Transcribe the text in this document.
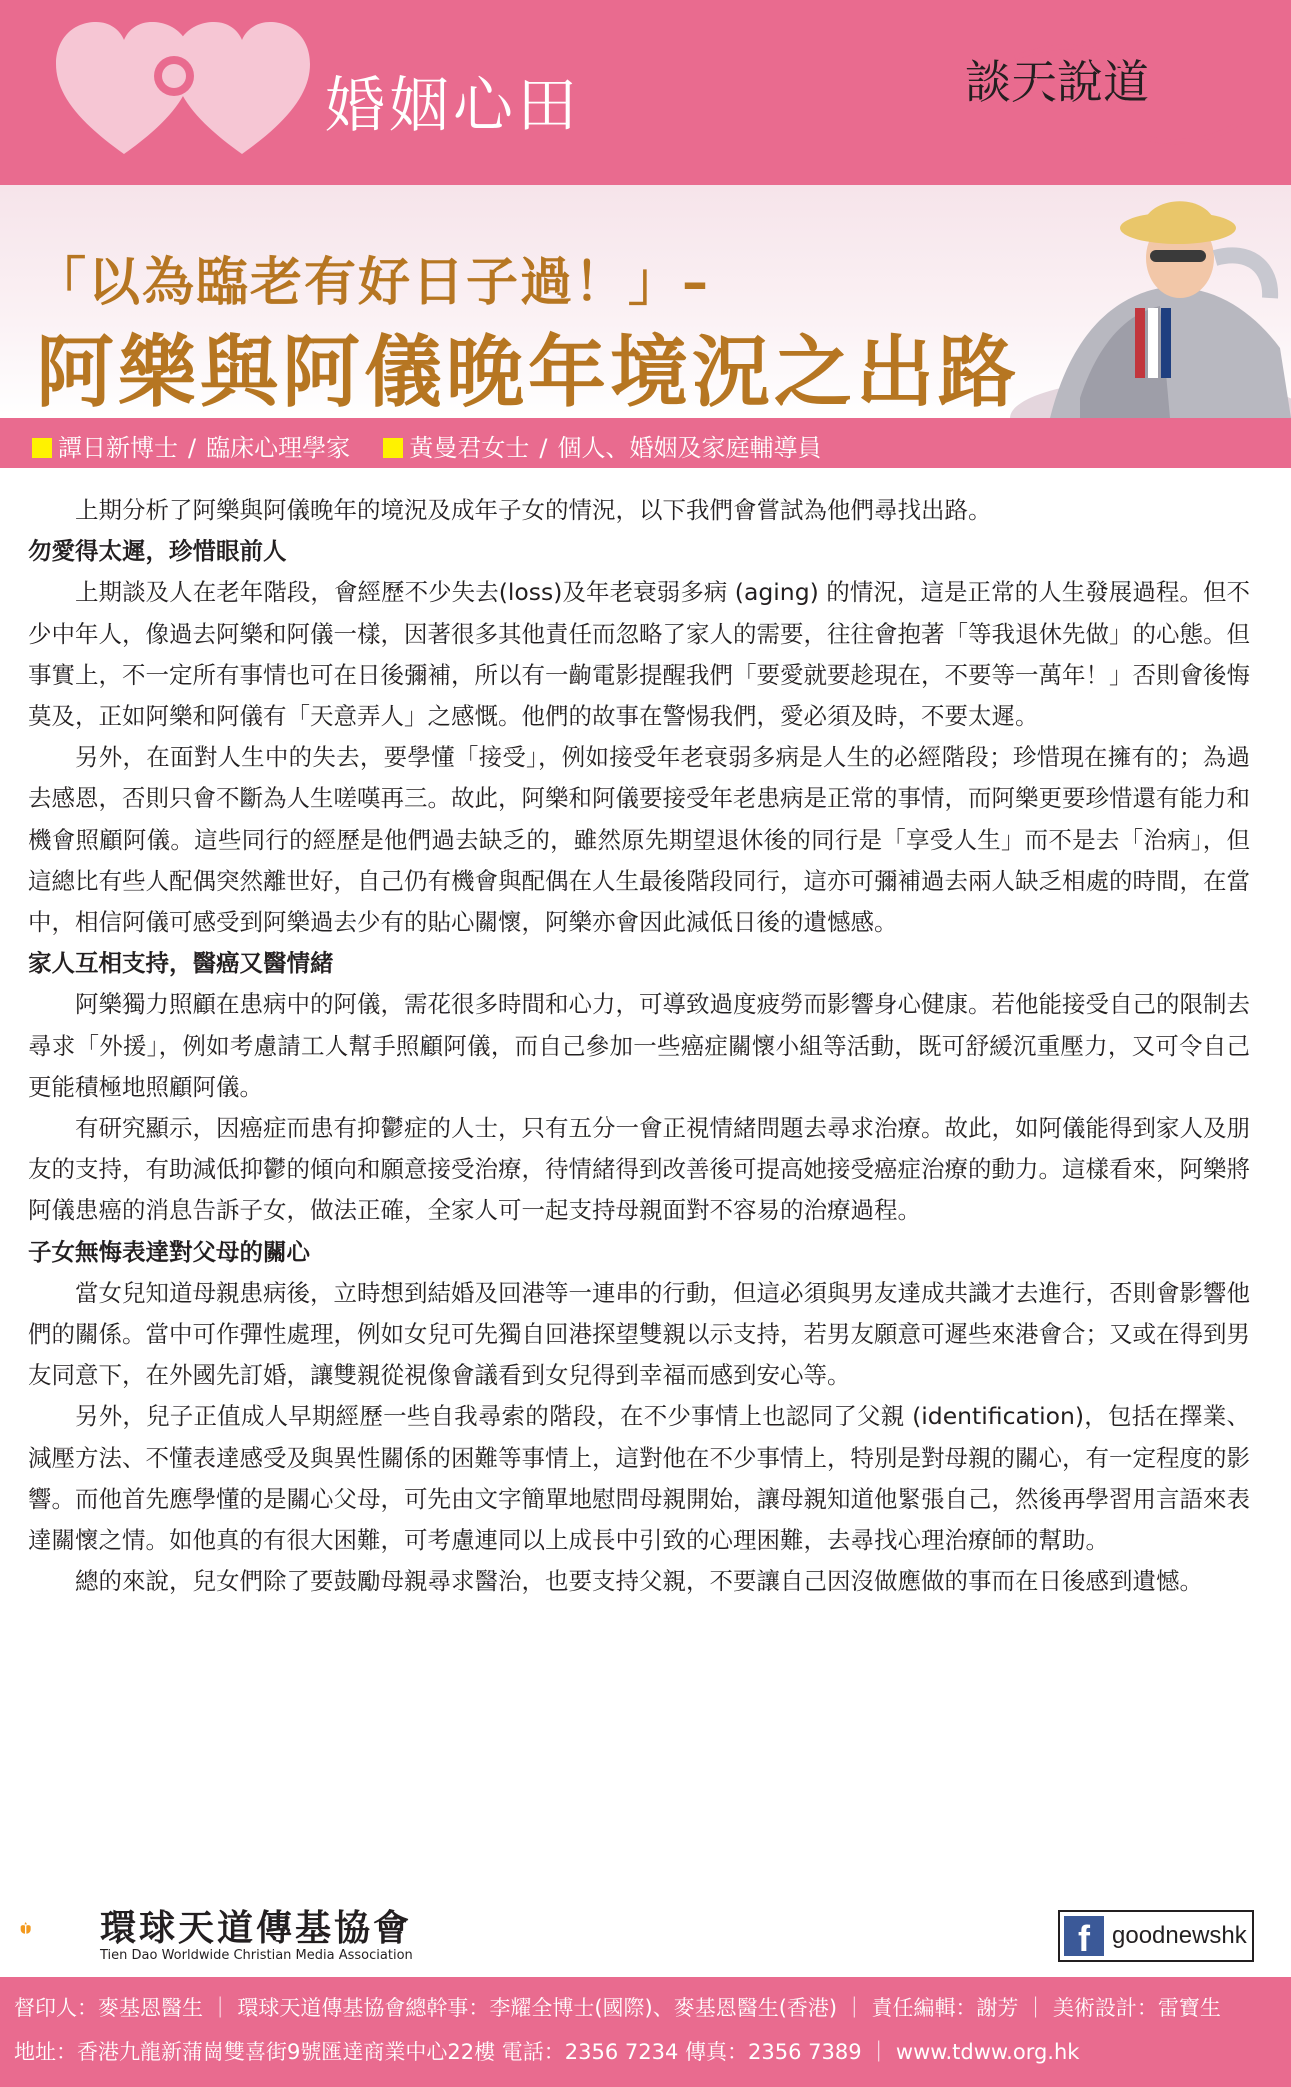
婚姻心田	談天說道
「以為臨老有好日子過！」–
阿樂與阿儀晚年境況之出路
譚日新博士 / 臨床心理學家 黃曼君女士 / 個人、婚姻及家庭輔導員

上期分析了阿樂與阿儀晚年的境況及成年子女的情況，以下我們會嘗試為他們尋找出路。

勿愛得太遲，珍惜眼前人

上期談及人在老年階段，會經歷不少失去(loss)及年老衰弱多病 (aging) 的情況，這是正常的人生發展過程。但不少中年人，像過去阿樂和阿儀一樣，因著很多其他責任而忽略了家人的需要，往往會抱著「等我退休先做」的心態。但事實上，不一定所有事情也可在日後彌補，所以有一齣電影提醒我們「要愛就要趁現在，不要等一萬年！」否則會後悔莫及，正如阿樂和阿儀有「天意弄人」之感慨。他們的故事在警惕我們，愛必須及時，不要太遲。

另外，在面對人生中的失去，要學懂「接受」，例如接受年老衰弱多病是人生的必經階段；珍惜現在擁有的；為過去感恩，否則只會不斷為人生嗟嘆再三。故此，阿樂和阿儀要接受年老患病是正常的事情，而阿樂更要珍惜還有能力和機會照顧阿儀。這些同行的經歷是他們過去缺乏的，雖然原先期望退休後的同行是「享受人生」而不是去「治病」，但這總比有些人配偶突然離世好，自己仍有機會與配偶在人生最後階段同行，這亦可彌補過去兩人缺乏相處的時間，在當中，相信阿儀可感受到阿樂過去少有的貼心關懷，阿樂亦會因此減低日後的遺憾感。

家人互相支持，醫癌又醫情緒

阿樂獨力照顧在患病中的阿儀，需花很多時間和心力，可導致過度疲勞而影響身心健康。若他能接受自己的限制去尋求「外援」，例如考慮請工人幫手照顧阿儀，而自己參加一些癌症關懷小組等活動，既可舒緩沉重壓力，又可令自己更能積極地照顧阿儀。

有研究顯示，因癌症而患有抑鬱症的人士，只有五分一會正視情緒問題去尋求治療。故此，如阿儀能得到家人及朋友的支持，有助減低抑鬱的傾向和願意接受治療，待情緒得到改善後可提高她接受癌症治療的動力。這樣看來，阿樂將阿儀患癌的消息告訴子女，做法正確，全家人可一起支持母親面對不容易的治療過程。

子女無悔表達對父母的關心

當女兒知道母親患病後，立時想到結婚及回港等一連串的行動，但這必須與男友達成共識才去進行，否則會影響他們的關係。當中可作彈性處理，例如女兒可先獨自回港探望雙親以示支持，若男友願意可遲些來港會合；又或在得到男友同意下，在外國先訂婚，讓雙親從視像會議看到女兒得到幸福而感到安心等。

另外，兒子正值成人早期經歷一些自我尋索的階段，在不少事情上也認同了父親 (identification)，包括在擇業、減壓方法、不懂表達感受及與異性關係的困難等事情上，這對他在不少事情上，特別是對母親的關心，有一定程度的影響。而他首先應學懂的是關心父母，可先由文字簡單地慰問母親開始，讓母親知道他緊張自己，然後再學習用言語來表達關懷之情。如他真的有很大困難，可考慮連同以上成長中引致的心理困難，去尋找心理治療師的幫助。

總的來說，兒女們除了要鼓勵母親尋求醫治，也要支持父親，不要讓自己因沒做應做的事而在日後感到遺憾。

環球天道傳基協會
Tien Dao Worldwide Christian Media Association	f goodnewshk
督印人：麥基恩醫生 ｜ 環球天道傳基協會總幹事：李耀全博士(國際)、麥基恩醫生(香港) ｜ 責任編輯：謝芳 ｜ 美術設計：雷寶生
地址：香港九龍新蒲崗雙喜街9號匯達商業中心22樓 電話：2356 7234 傳真：2356 7389 ｜ www.tdww.org.hk
